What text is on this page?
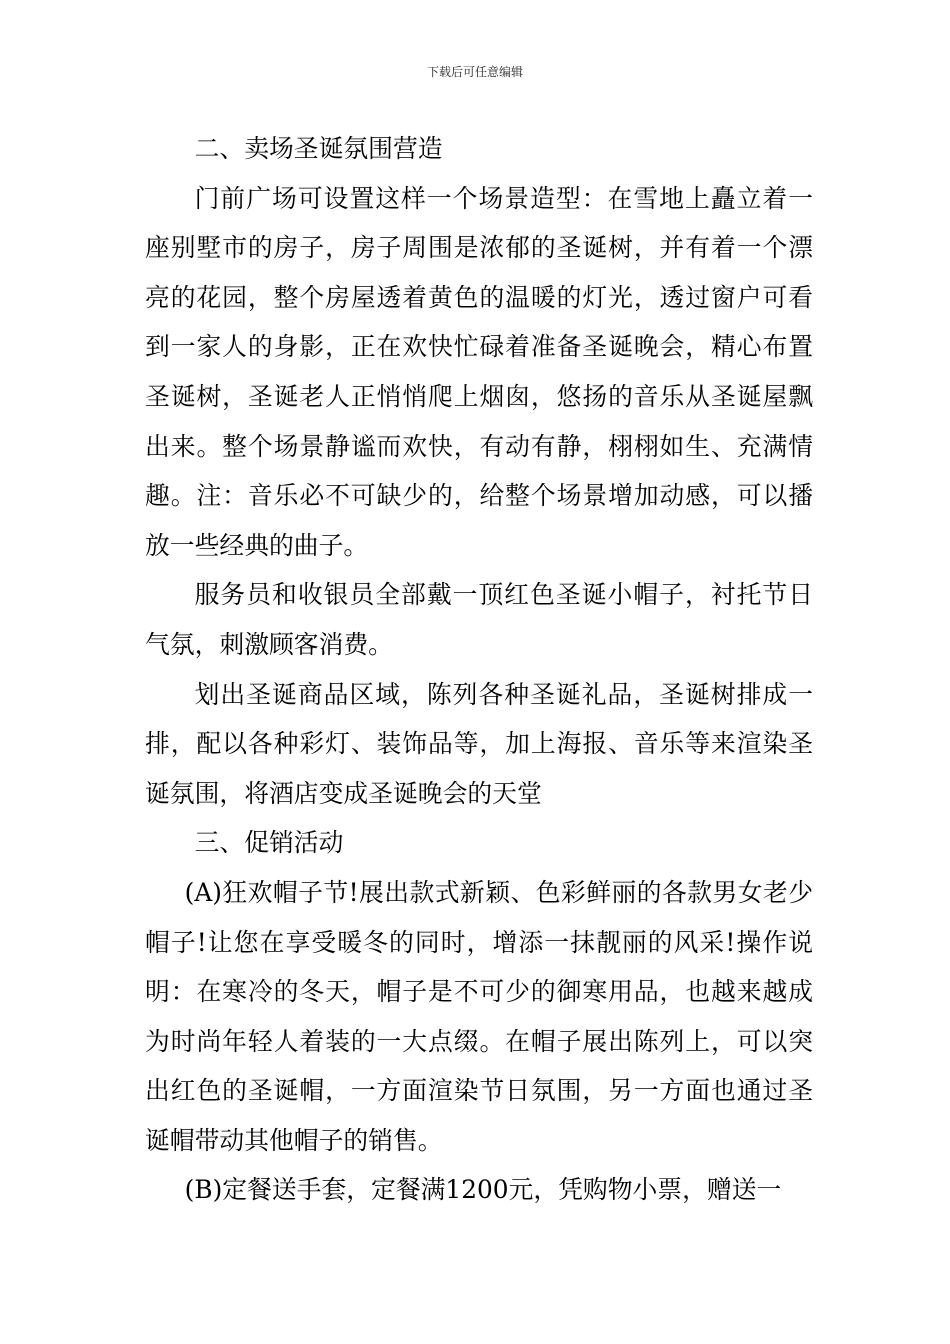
下载后可任意编辑

二、卖场圣诞氛围营造

门前广场可设置这样一个场景造型：在雪地上矗立着一座别墅市的房子，房子周围是浓郁的圣诞树，并有着一个漂亮的花园，整个房屋透着黄色的温暖的灯光，透过窗户可看到一家人的身影，正在欢快忙碌着准备圣诞晚会，精心布置圣诞树，圣诞老人正悄悄爬上烟囱，悠扬的音乐从圣诞屋飘出来。整个场景静谧而欢快，有动有静，栩栩如生、充满情趣。注：音乐必不可缺少的，给整个场景增加动感，可以播放一些经典的曲子。

服务员和收银员全部戴一顶红色圣诞小帽子，衬托节日气氛，刺激顾客消费。

划出圣诞商品区域，陈列各种圣诞礼品，圣诞树排成一排，配以各种彩灯、装饰品等，加上海报、音乐等来渲染圣诞氛围，将酒店变成圣诞晚会的天堂

三、促销活动

(A)狂欢帽子节!展出款式新颖、色彩鲜丽的各款男女老少帽子!让您在享受暖冬的同时，增添一抹靓丽的风采!操作说明：在寒冷的冬天，帽子是不可少的御寒用品，也越来越成为时尚年轻人着装的一大点缀。在帽子展出陈列上，可以突出红色的圣诞帽，一方面渲染节日氛围，另一方面也通过圣诞帽带动其他帽子的销售。

(B)定餐送手套，定餐满1200元，凭购物小票，赠送一
